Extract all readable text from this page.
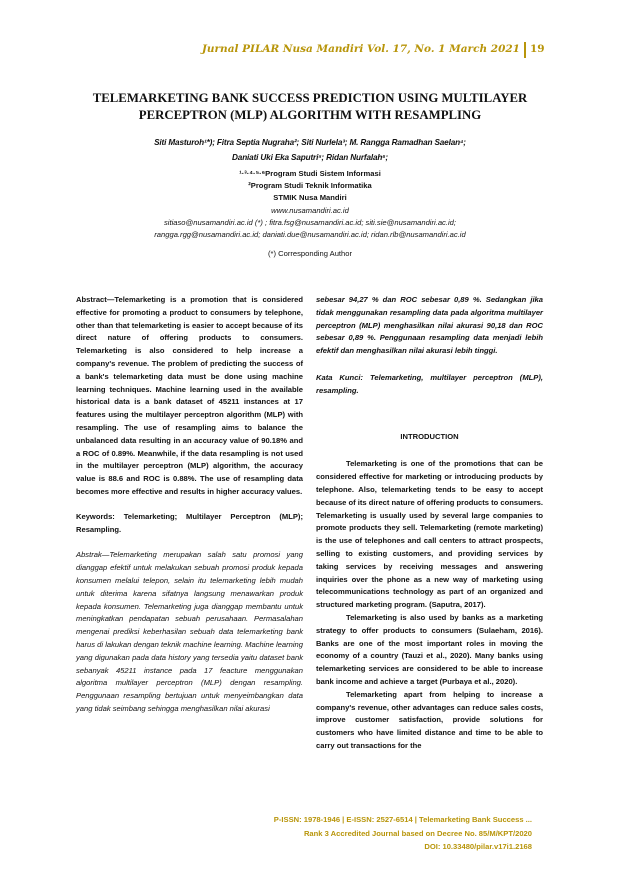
Jurnal PILAR Nusa Mandiri Vol. 17, No. 1 March 2021 19
TELEMARKETING BANK SUCCESS PREDICTION USING MULTILAYER
PERCEPTRON (MLP) ALGORITHM WITH RESAMPLING
Siti Masturoh¹*); Fitra Septia Nugraha²; Siti Nurlela³; M. Rangga Ramadhan Saelan⁴;
Daniati Uki Eka Saputri⁵; Ridan Nurfalah⁶;
¹·³·⁴·⁵·⁶Program Studi Sistem Informasi
²Program Studi Teknik Informatika
STMIK Nusa Mandiri
www.nusamandiri.ac.id
sitiaso@nusamandiri.ac.id (*) ; fitra.fsg@nusamandiri.ac.id; siti.sie@nusamandiri.ac.id;
rangga.rgg@nusamandiri.ac.id; daniati.due@nusamandiri.ac.id; ridan.rlb@nusamandiri.ac.id
(*) Corresponding Author

Abstract—Telemarketing is a promotion that is considered effective for promoting a product to consumers by telephone, other than that telemarketing is easier to accept because of its direct nature of offering products to consumers. Telemarketing is also considered to help increase a company's revenue. The problem of predicting the success of a bank's telemarketing data must be done using machine learning techniques. Machine learning used in the available historical data is a bank dataset of 45211 instances at 17 features using the multilayer perceptron algorithm (MLP) with resampling. The use of resampling aims to balance the unbalanced data resulting in an accuracy value of 90.18% and a ROC of 0.89%. Meanwhile, if the data resampling is not used in the multilayer perceptron (MLP) algorithm, the accuracy value is 88.6 and ROC is 0.88%. The use of resampling data becomes more effective and results in higher accuracy values.

Keywords: Telemarketing; Multilayer Perceptron (MLP); Resampling.

Abstrak—Telemarketing merupakan salah satu promosi yang dianggap efektif untuk melakukan sebuah promosi produk kepada konsumen melalui telepon, selain itu telemarketing lebih mudah untuk diterima karena sifatnya langsung menawarkan produk kepada konsumen. Telemarketing juga dianggap membantu untuk meningkatkan pendapatan sebuah perusahaan. Permasalahan mengenai prediksi keberhasilan sebuah data telemarketing bank harus di lakukan dengan teknik machine learning. Machine learning yang digunakan pada data history yang tersedia yaitu dataset bank sebanyak 45211 instance pada 17 feacture menggunakan algoritma multilayer perceptron (MLP) dengan resampling. Penggunaan resampling bertujuan untuk menyeimbangkan data yang tidak seimbang sehingga menghasilkan nilai akurasi

sebesar 94,27 % dan ROC sebesar 0,89 %. Sedangkan jika tidak menggunakan resampling data pada algoritma multilayer perceptron (MLP) menghasilkan nilai akurasi 90,18 dan ROC sebesar 0,89 %. Penggunaan resampling data menjadi lebih efektif dan menghasilkan nilai akurasi lebih tinggi.

Kata Kunci: Telemarketing, multilayer perceptron (MLP), resampling.

INTRODUCTION

Telemarketing is one of the promotions that can be considered effective for marketing or introducing products by telephone. Also, telemarketing tends to be easy to accept because of its direct nature of offering products to consumers. Telemarketing is usually used by several large companies to promote products they sell. Telemarketing (remote marketing) is the use of telephones and call centers to attract prospects, selling to existing customers, and providing services by taking services by receiving messages and answering inquiries over the phone as a new way of marketing using telecommunications technology as part of an organized and structured marketing program. (Saputra, 2017).

Telemarketing is also used by banks as a marketing strategy to offer products to consumers (Sulaeham, 2016). Banks are one of the most important roles in moving the economy of a country (Tauzi et al., 2020). Many banks using telemarketing services are considered to be able to increase bank income and achieve a target (Purbaya et al., 2020).

Telemarketing apart from helping to increase a company's revenue, other advantages can reduce sales costs, improve customer satisfaction, provide solutions for customers who have limited distance and time to be able to carry out transactions for the

P-ISSN: 1978-1946 | E-ISSN: 2527-6514 | Telemarketing Bank Success ...
Rank 3 Accredited Journal based on Decree No. 85/M/KPT/2020
DOI: 10.33480/pilar.v17i1.2168
